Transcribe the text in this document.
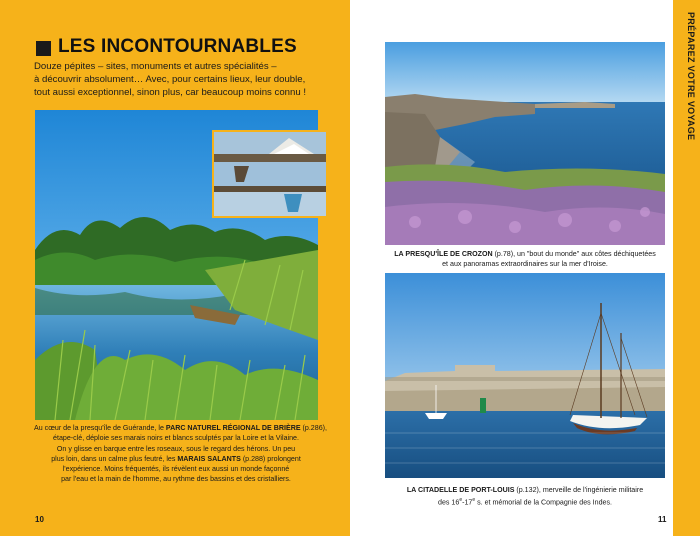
PRÉPAREZ VOTRE VOYAGE
LES INCONTOURNABLES
Douze pépites – sites, monuments et autres spécialités –
à découvrir absolument… Avec, pour certains lieux, leur double,
tout aussi exceptionnel, sinon plus, car beaucoup moins connu !
Au cœur de la presqu'île de Guérande, le PARC NATUREL RÉGIONAL DE BRIÈRE (p.286),
étape-clé, déploie ses marais noirs et blancs sculptés par la Loire et la Vilaine.
On y glisse en barque entre les roseaux, sous le regard des hérons. Un peu
plus loin, dans un calme plus feutré, les MARAIS SALANTS (p.288) prolongent
l'expérience. Moins fréquentés, ils révèlent eux aussi un monde façonné
par l'eau et la main de l'homme, au rythme des bassins et des cristalliers.
10
LA PRESQU'ÎLE DE CROZON (p.78), un "bout du monde" aux côtes déchiquetées
et aux panoramas extraordinaires sur la mer d'Iroise.
LA CITADELLE DE PORT-LOUIS (p.132), merveille de l'ingénierie militaire
des 16e-17e s. et mémorial de la Compagnie des Indes.
11
